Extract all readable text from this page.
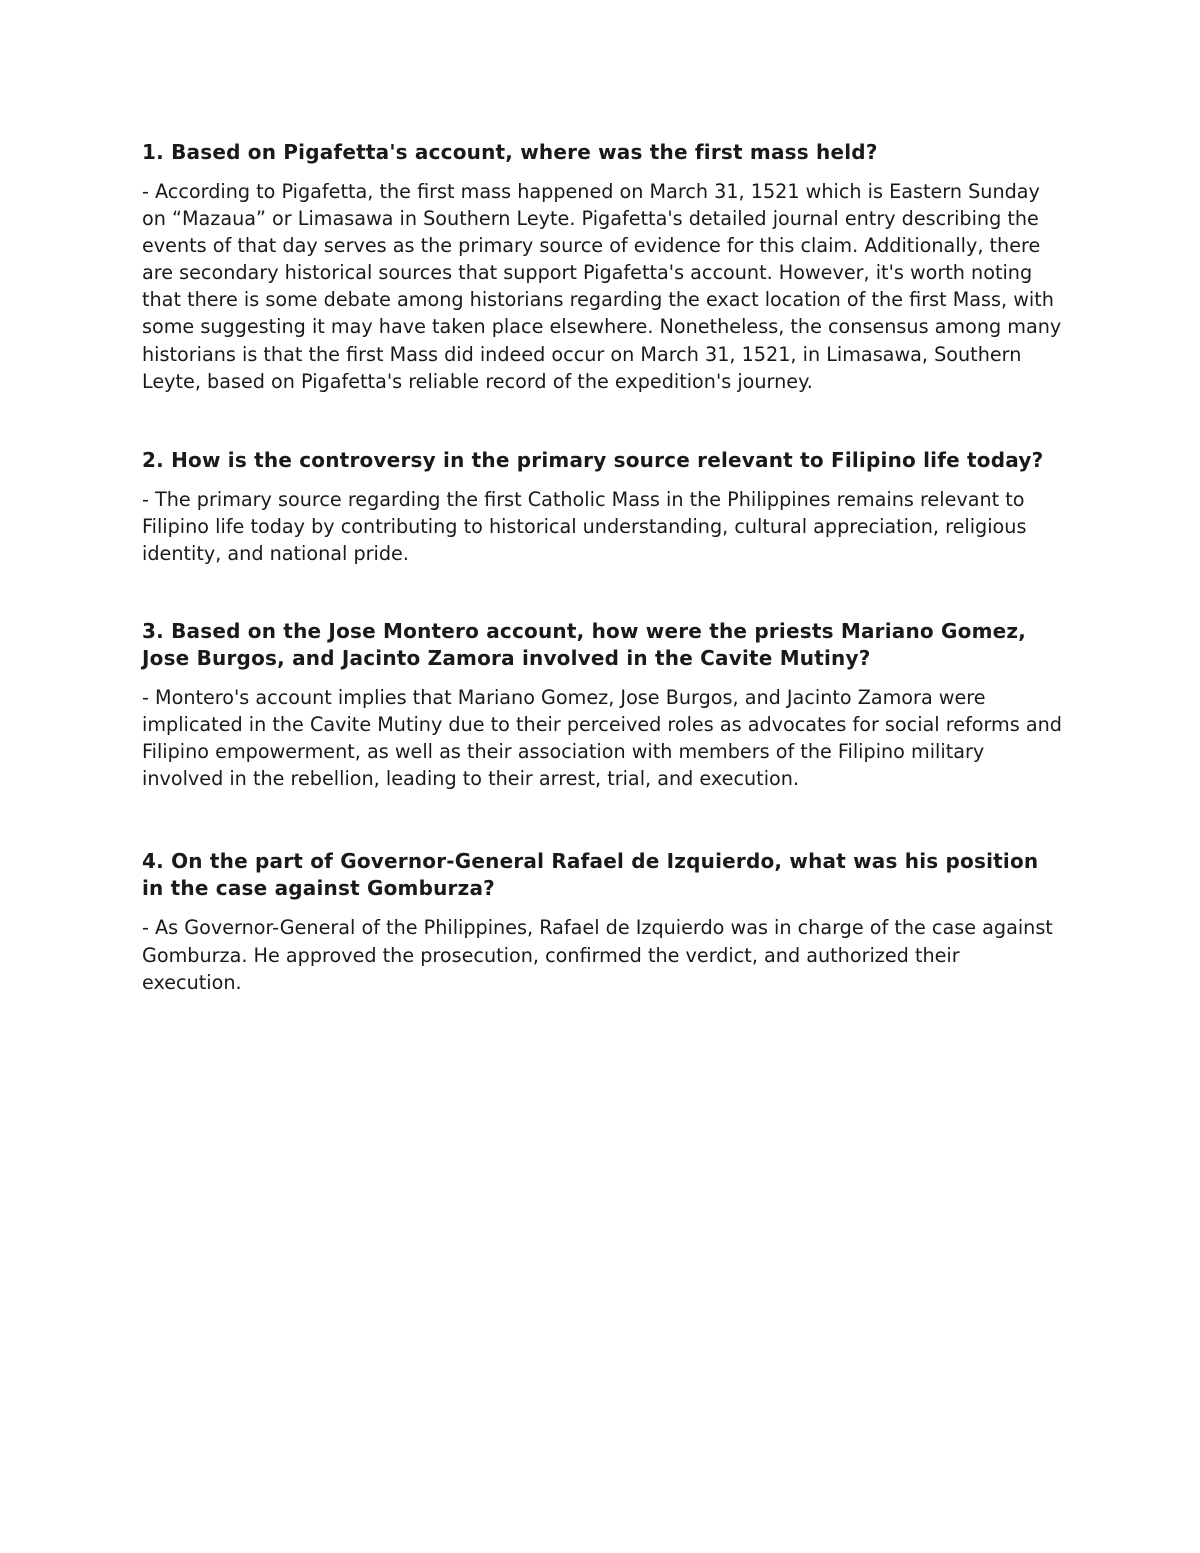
1. Based on Pigafetta's account, where was the first mass held?

- According to Pigafetta, the first mass happened on March 31, 1521 which is Eastern Sunday on “Mazaua” or Limasawa in Southern Leyte. Pigafetta's detailed journal entry describing the events of that day serves as the primary source of evidence for this claim. Additionally, there are secondary historical sources that support Pigafetta's account. However, it's worth noting that there is some debate among historians regarding the exact location of the first Mass, with some suggesting it may have taken place elsewhere. Nonetheless, the consensus among many historians is that the first Mass did indeed occur on March 31, 1521, in Limasawa, Southern Leyte, based on Pigafetta's reliable record of the expedition's journey.

2. How is the controversy in the primary source relevant to Filipino life today?

- The primary source regarding the first Catholic Mass in the Philippines remains relevant to Filipino life today by contributing to historical understanding, cultural appreciation, religious identity, and national pride.

3. Based on the Jose Montero account, how were the priests Mariano Gomez, Jose Burgos, and Jacinto Zamora involved in the Cavite Mutiny?

- Montero's account implies that Mariano Gomez, Jose Burgos, and Jacinto Zamora were implicated in the Cavite Mutiny due to their perceived roles as advocates for social reforms and Filipino empowerment, as well as their association with members of the Filipino military involved in the rebellion, leading to their arrest, trial, and execution.

4. On the part of Governor-General Rafael de Izquierdo, what was his position in the case against Gomburza?

- As Governor-General of the Philippines, Rafael de Izquierdo was in charge of the case against Gomburza. He approved the prosecution, confirmed the verdict, and authorized their execution.
